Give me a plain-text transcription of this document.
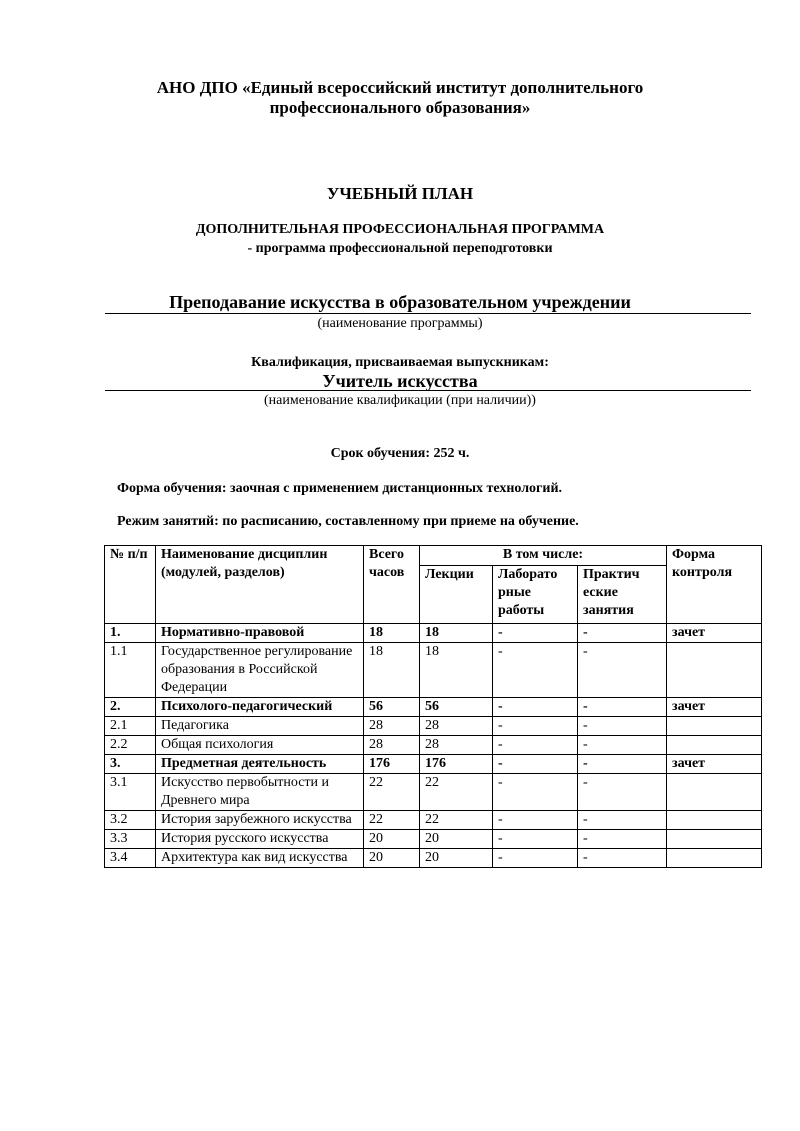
АНО ДПО «Единый всероссийский институт дополнительного
профессионального образования»
УЧЕБНЫЙ ПЛАН
ДОПОЛНИТЕЛЬНАЯ ПРОФЕССИОНАЛЬНАЯ ПРОГРАММА
- программа профессиональной переподготовки
Преподавание искусства в образовательном учреждении
(наименование программы)
Квалификация, присваиваемая выпускникам:
Учитель искусства
(наименование квалификации (при наличии))
Срок обучения: 252 ч.
Форма обучения: заочная с применением дистанционных технологий.
Режим занятий: по расписанию, составленному при приеме на обучение.
№ п/п	Наименование дисциплин (модулей, разделов)	Всего часов	В том числе:			Форма контроля
			Лекции	Лаборато рные работы	Практич еские занятия	
1.	Нормативно-правовой	18	18	-	-	зачет
1.1	Государственное регулирование образования в Российской Федерации	18	18	-	-	
2.	Психолого-педагогический	56	56	-	-	зачет
2.1	Педагогика	28	28	-	-	
2.2	Общая психология	28	28	-	-	
3.	Предметная деятельность	176	176	-	-	зачет
3.1	Искусство первобытности и Древнего мира	22	22	-	-	
3.2	История зарубежного искусства	22	22	-	-	
3.3	История русского искусства	20	20	-	-	
3.4	Архитектура как вид искусства	20	20	-	-	
